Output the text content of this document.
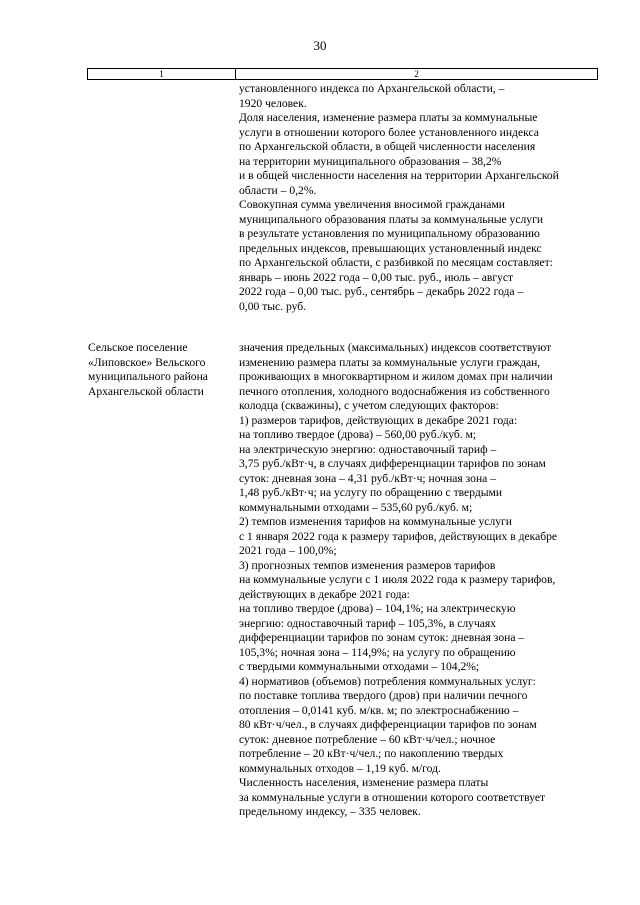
30
1	2
установленного индекса по Архангельской области, –
1920 человек.
Доля населения, изменение размера платы за коммунальные
услуги в отношении которого более установленного индекса
по Архангельской области, в общей численности населения
на территории муниципального образования – 38,2%
и в общей численности населения на территории Архангельской
области – 0,2%.
Совокупная сумма увеличения вносимой гражданами
муниципального образования платы за коммунальные услуги
в результате установления по муниципальному образованию
предельных индексов, превышающих установленный индекс
по Архангельской области, с разбивкой по месяцам составляет:
январь – июнь 2022 года – 0,00 тыс. руб., июль – август
2022 года – 0,00 тыс. руб., сентябрь – декабрь 2022 года –
0,00 тыс. руб.
Сельское поселение
«Липовское» Вельского
муниципального района
Архангельской области
значения предельных (максимальных) индексов соответствуют
изменению размера платы за коммунальные услуги граждан,
проживающих в многоквартирном и жилом домах при наличии
печного отопления, холодного водоснабжения из собственного
колодца (скважины), с учетом следующих факторов:
1) размеров тарифов, действующих в декабре 2021 года:
на топливо твердое (дрова) – 560,00 руб./куб. м;
на электрическую энергию: одноставочный тариф –
3,75 руб./кВт·ч, в случаях дифференциации тарифов по зонам
суток: дневная зона – 4,31 руб./кВт·ч; ночная зона –
1,48 руб./кВт·ч; на услугу по обращению с твердыми
коммунальными отходами – 535,60 руб./куб. м;
2) темпов изменения тарифов на коммунальные услуги
с 1 января 2022 года к размеру тарифов, действующих в декабре
2021 года – 100,0%;
3) прогнозных темпов изменения размеров тарифов
на коммунальные услуги с 1 июля 2022 года к размеру тарифов,
действующих в декабре 2021 года:
на топливо твердое (дрова) – 104,1%; на электрическую
энергию: одноставочный тариф – 105,3%, в случаях
дифференциации тарифов по зонам суток: дневная зона –
105,3%; ночная зона – 114,9%; на услугу по обращению
с твердыми коммунальными отходами – 104,2%;
4) нормативов (объемов) потребления коммунальных услуг:
по поставке топлива твердого (дров) при наличии печного
отопления – 0,0141 куб. м/кв. м; по электроснабжению –
80 кВт·ч/чел., в случаях дифференциации тарифов по зонам
суток: дневное потребление – 60 кВт·ч/чел.; ночное
потребление – 20 кВт·ч/чел.; по накоплению твердых
коммунальных отходов – 1,19 куб. м/год.
Численность населения, изменение размера платы
за коммунальные услуги в отношении которого соответствует
предельному индексу, – 335 человек.
